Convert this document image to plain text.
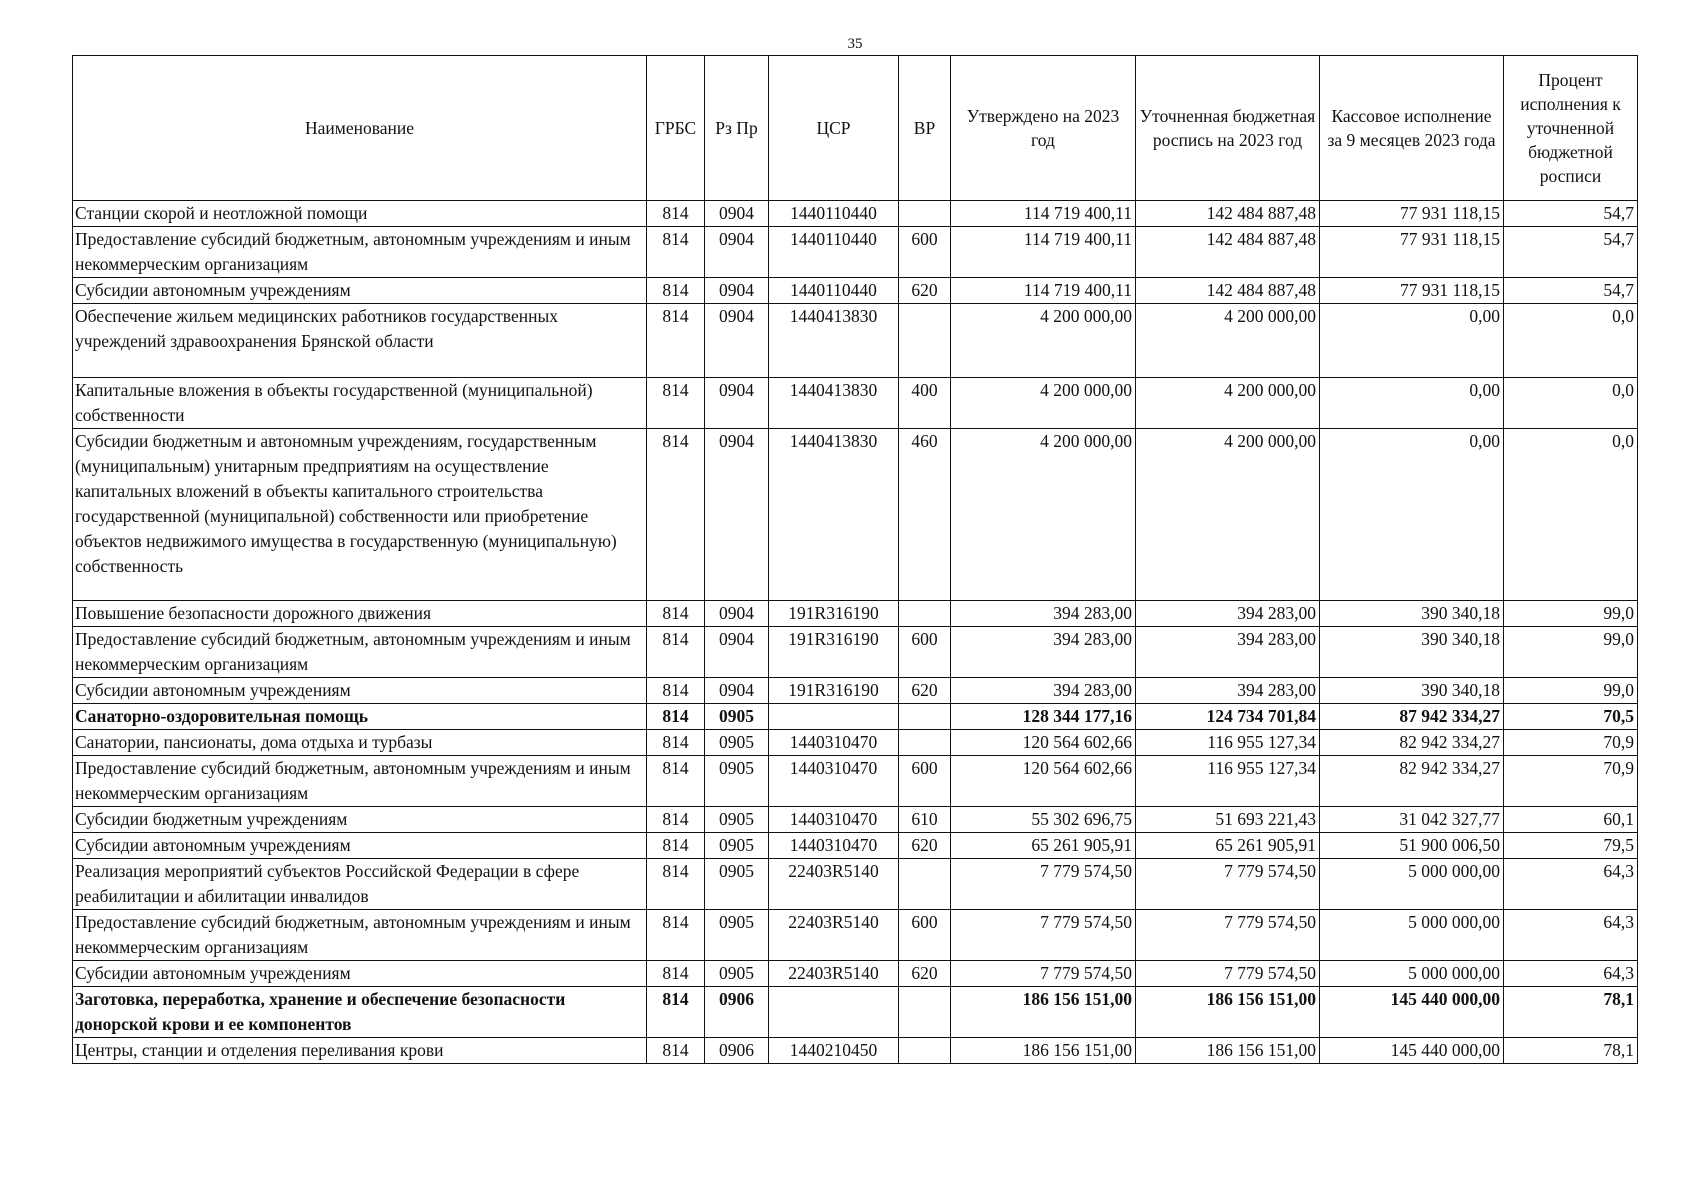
35
Наименование	ГРБС	Рз Пр	ЦСР	ВР	Утверждено на 2023 год	Уточненная бюджетная роспись на 2023 год	Кассовое исполнение за 9 месяцев 2023 года	Процент исполнения к уточненной бюджетной росписи
Станции скорой и неотложной помощи	814	0904	1440110440		114 719 400,11	142 484 887,48	77 931 118,15	54,7
Предоставление субсидий бюджетным, автономным учреждениям и иным некоммерческим организациям	814	0904	1440110440	600	114 719 400,11	142 484 887,48	77 931 118,15	54,7
Субсидии автономным учреждениям	814	0904	1440110440	620	114 719 400,11	142 484 887,48	77 931 118,15	54,7
Обеспечение жильем медицинских работников государственных учреждений здравоохранения Брянской области	814	0904	1440413830		4 200 000,00	4 200 000,00	0,00	0,0
Капитальные вложения в объекты государственной (муниципальной) собственности	814	0904	1440413830	400	4 200 000,00	4 200 000,00	0,00	0,0
Субсидии бюджетным и автономным учреждениям, государственным (муниципальным) унитарным предприятиям на осуществление капитальных вложений в объекты капитального строительства государственной (муниципальной) собственности или приобретение объектов недвижимого имущества в государственную (муниципальную) собственность	814	0904	1440413830	460	4 200 000,00	4 200 000,00	0,00	0,0
Повышение безопасности дорожного движения	814	0904	191R316190		394 283,00	394 283,00	390 340,18	99,0
Предоставление субсидий бюджетным, автономным учреждениям и иным некоммерческим организациям	814	0904	191R316190	600	394 283,00	394 283,00	390 340,18	99,0
Субсидии автономным учреждениям	814	0904	191R316190	620	394 283,00	394 283,00	390 340,18	99,0
Санаторно-оздоровительная помощь	814	0905			128 344 177,16	124 734 701,84	87 942 334,27	70,5
Санатории, пансионаты, дома отдыха и турбазы	814	0905	1440310470		120 564 602,66	116 955 127,34	82 942 334,27	70,9
Предоставление субсидий бюджетным, автономным учреждениям и иным некоммерческим организациям	814	0905	1440310470	600	120 564 602,66	116 955 127,34	82 942 334,27	70,9
Субсидии бюджетным учреждениям	814	0905	1440310470	610	55 302 696,75	51 693 221,43	31 042 327,77	60,1
Субсидии автономным учреждениям	814	0905	1440310470	620	65 261 905,91	65 261 905,91	51 900 006,50	79,5
Реализация мероприятий субъектов Российской Федерации в сфере реабилитации и абилитации инвалидов	814	0905	22403R5140		7 779 574,50	7 779 574,50	5 000 000,00	64,3
Предоставление субсидий бюджетным, автономным учреждениям и иным некоммерческим организациям	814	0905	22403R5140	600	7 779 574,50	7 779 574,50	5 000 000,00	64,3
Субсидии автономным учреждениям	814	0905	22403R5140	620	7 779 574,50	7 779 574,50	5 000 000,00	64,3
Заготовка, переработка, хранение и обеспечение безопасности донорской крови и ее компонентов	814	0906			186 156 151,00	186 156 151,00	145 440 000,00	78,1
Центры, станции и отделения переливания крови	814	0906	1440210450		186 156 151,00	186 156 151,00	145 440 000,00	78,1
